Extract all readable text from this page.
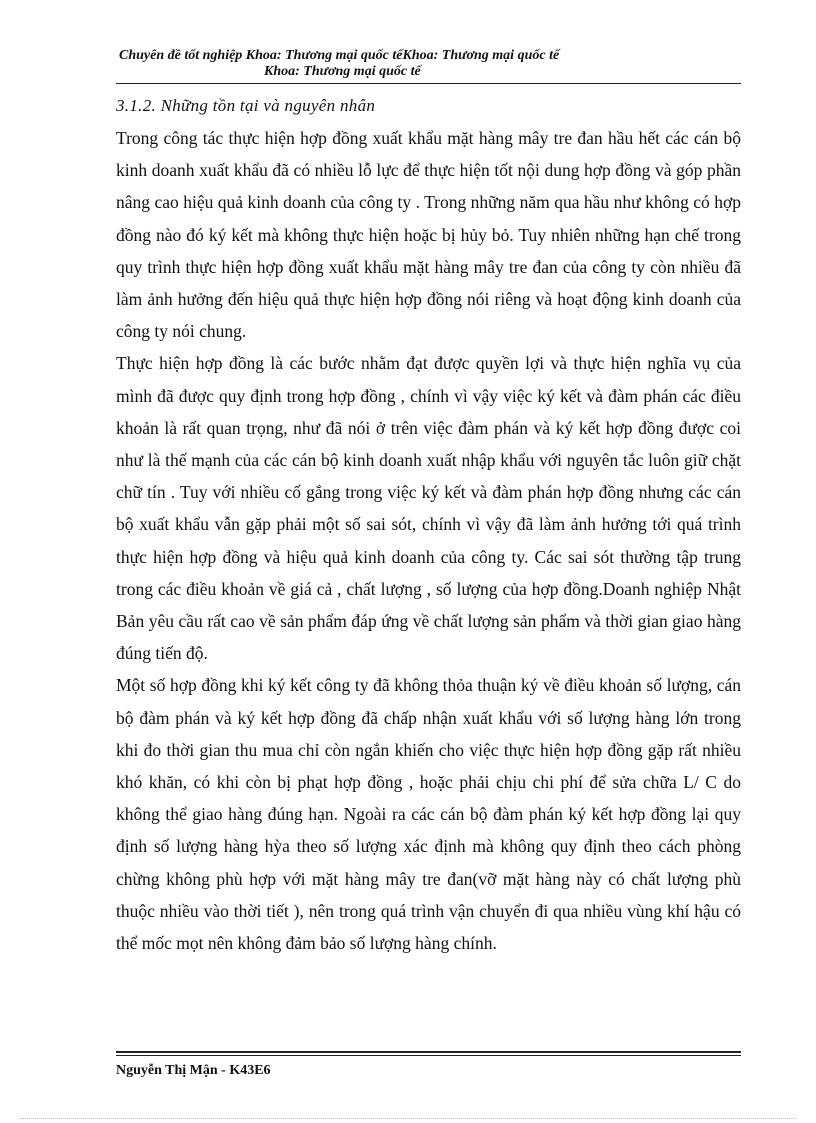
Chuyên đề tốt nghiệp Khoa: Thương mại quốc tếKhoa: Thương mại quốc tế
Khoa: Thương mại quốc tế
3.1.2. Những tồn tại và nguyên nhân

Trong công tác thực hiện hợp đồng xuất khẩu mặt hàng mây tre đan hầu hết các cán bộ kinh doanh xuất khẩu đã có nhiều lỗ lực để thực hiện tốt nội dung hợp đồng và góp phần nâng cao hiệu quả kinh doanh của công ty . Trong những năm qua hầu như không có hợp đồng nào đó ký kết mà không thực hiện hoặc bị hủy bỏ. Tuy nhiên những hạn chế trong quy trình thực hiện hợp đồng xuất khẩu mặt hàng mây tre đan của công ty còn nhiều đã làm ảnh hưởng đến hiệu quả thực hiện hợp đồng nói riêng và hoạt động kinh doanh của công ty nói chung.

Thực hiện hợp đồng là các bước nhằm đạt được quyền lợi và thực hiện nghĩa vụ của mình đã được quy định trong hợp đồng , chính vì vậy việc ký kết và đàm phán các điều khoản là rất quan trọng, như đã nói ở trên việc đàm phán và ký kết hợp đồng được coi như là thế mạnh của các cán bộ kinh doanh xuất nhập khẩu với nguyên tắc luôn giữ chặt chữ tín . Tuy với nhiều cố gắng trong việc ký kết và đàm phán hợp đồng nhưng các cán bộ xuất khẩu vẫn gặp phải một số sai sót, chính vì vậy đã làm ảnh hưởng tới quá trình thực hiện hợp đồng và hiệu quả kinh doanh của công ty. Các sai sót thường tập trung trong các điều khoản về giá cả , chất lượng , số lượng của hợp đồng.Doanh nghiệp Nhật Bản yêu cầu rất cao về sản phẩm đáp ứng về chất lượng sản phẩm và thời gian giao hàng đúng tiến độ.

Một số hợp đồng khi ký kết công ty đã không thỏa thuận ký về điều khoản số lượng, cán bộ đàm phán và ký kết hợp đồng đã chấp nhận xuất khẩu với số lượng hàng lớn trong khi đo thời gian thu mua chỉ còn ngắn khiến cho việc thực hiện hợp đồng gặp rất nhiều khó khăn, có khi còn bị phạt hợp đồng , hoặc phải chịu chi phí để sửa chữa L/ C do không thể giao hàng đúng hạn. Ngoài ra các cán bộ đàm phán ký kết hợp đồng lại quy định số lượng hàng hỳa theo số lượng xác định mà không quy định theo cách phòng chừng không phù hợp với mặt hàng mây tre đan(vỡ mặt hàng này có chất lượng phù thuộc nhiều vào thời tiết ), nên trong quá trình vận chuyển đi qua nhiều vùng khí hậu có thể mốc mọt nên không đảm bảo số lượng hàng chính.

Nguyễn Thị Mận - K43E6
